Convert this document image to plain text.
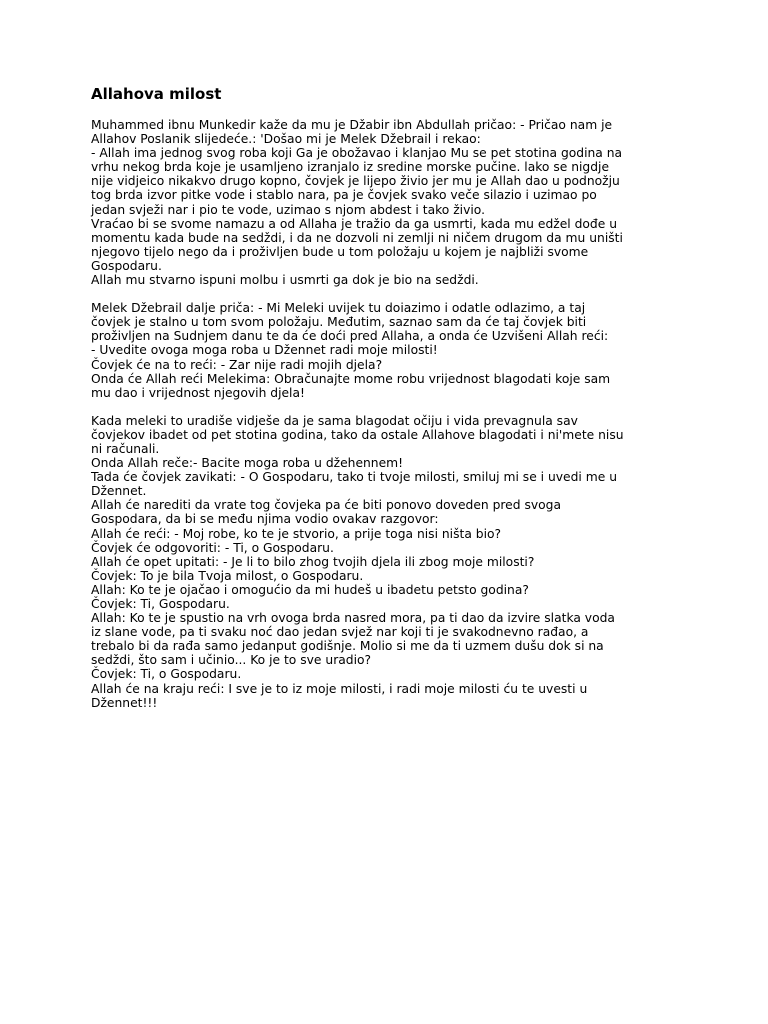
Allahova milost
Muhammed ibnu Munkedir kaže da mu je Džabir ibn Abdullah pričao: - Pričao nam je
Allahov Poslanik slijedeće.: 'Došao mi je Melek Džebrail i rekao:
- Allah ima jednog svog roba koji Ga je obožavao i klanjao Mu se pet stotina godina na
vrhu nekog brda koje je usamljeno izranjalo iz sredine morske pučine. lako se nigdje
nije vidjeico nikakvo drugo kopno, čovjek je lijepo živio jer mu je Allah dao u podnožju
tog brda izvor pitke vode i stablo nara, pa je čovjek svako veče silazio i uzimao po
jedan svježi nar i pio te vode, uzimao s njom abdest i tako živio.
Vraćao bi se svome namazu a od Allaha je tražio da ga usmrti, kada mu edžel dođe u
momentu kada bude na sedždi, i da ne dozvoli ni zemlji ni ničem drugom da mu uništi
njegovo tijelo nego da i proživljen bude u tom položaju u kojem je najbliži svome
Gospodaru.
Allah mu stvarno ispuni molbu i usmrti ga dok je bio na sedždi.
Melek Džebrail dalje priča: - Mi Meleki uvijek tu doiazimo i odatle odlazimo, a taj
čovjek je stalno u tom svom položaju. Međutim, saznao sam da će taj čovjek biti
proživljen na Sudnjem danu te da će doći pred Allaha, a onda će Uzvišeni Allah reći:
- Uvedite ovoga moga roba u Džennet radi moje milosti!
Čovjek će na to reći: - Zar nije radi mojih djela?
Onda će Allah reći Melekima: Obračunajte mome robu vrijednost blagodati koje sam
mu dao i vrijednost njegovih djela!
Kada meleki to uradiše vidješe da je sama blagodat očiju i vida prevagnula sav
čovjekov ibadet od pet stotina godina, tako da ostale Allahove blagodati i ni'mete nisu
ni računali.
Onda Allah reče:- Bacite moga roba u džehennem!
Tada će čovjek zavikati: - O Gospodaru, tako ti tvoje milosti, smiluj mi se i uvedi me u
Džennet.
Allah će narediti da vrate tog čovjeka pa će biti ponovo doveden pred svoga
Gospodara, da bi se među njima vodio ovakav razgovor:
Allah će reći: - Moj robe, ko te je stvorio, a prije toga nisi ništa bio?
Čovjek će odgovoriti: - Ti, o Gospodaru.
Allah će opet upitati: - Je li to bilo zhog tvojih djela ili zbog moje milosti?
Čovjek: To je bila Tvoja milost, o Gospodaru.
Allah: Ko te je ojačao i omogućio da mi hudeš u ibadetu petsto godina?
Čovjek: Ti, Gospodaru.
Allah: Ko te je spustio na vrh ovoga brda nasred mora, pa ti dao da izvire slatka voda
iz slane vode, pa ti svaku noć dao jedan svjež nar koji ti je svakodnevno rađao, a
trebalo bi da rađa samo jedanput godišnje. Molio si me da ti uzmem dušu dok si na
sedždi, što sam i učinio... Ko je to sve uradio?
Čovjek: Ti, o Gospodaru.
Allah će na kraju reći: I sve je to iz moje milosti, i radi moje milosti ću te uvesti u
Džennet!!!
